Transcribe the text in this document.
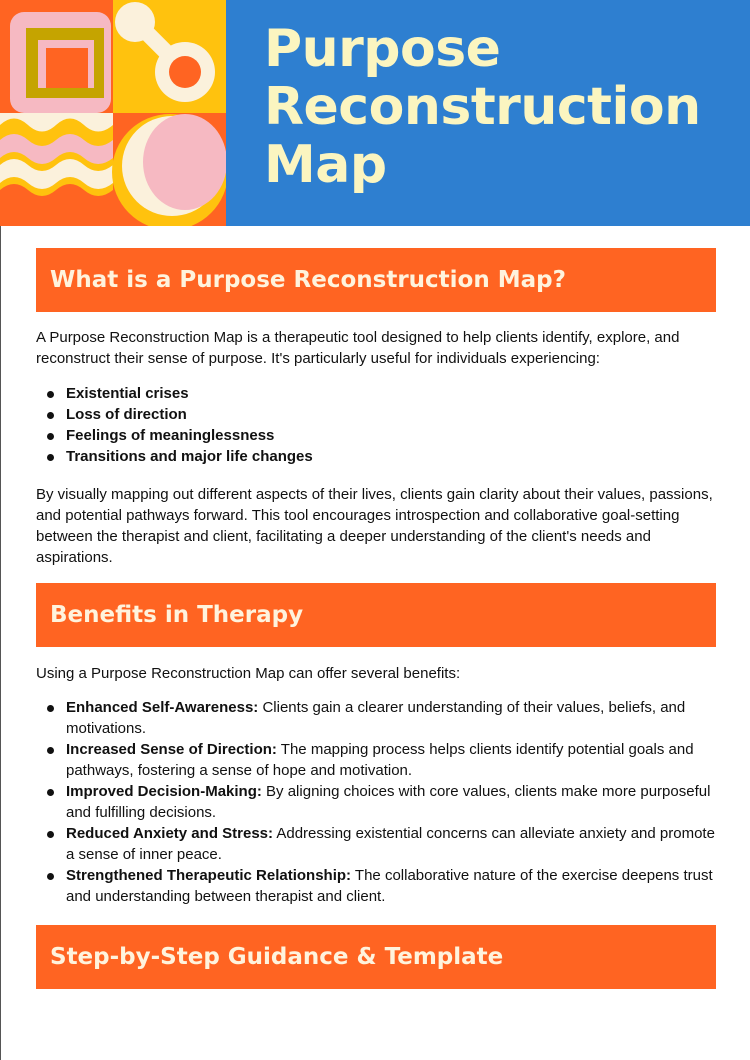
Purpose
Reconstruction
Map
What is a Purpose Reconstruction Map?

A Purpose Reconstruction Map is a therapeutic tool designed to help clients identify, explore, and reconstruct their sense of purpose. It's particularly useful for individuals experiencing:

Existential crises
Loss of direction
Feelings of meaninglessness
Transitions and major life changes

By visually mapping out different aspects of their lives, clients gain clarity about their values, passions, and potential pathways forward. This tool encourages introspection and collaborative goal-setting between the therapist and client, facilitating a deeper understanding of the client's needs and aspirations.

Benefits in Therapy

Using a Purpose Reconstruction Map can offer several benefits:

Enhanced Self-Awareness: Clients gain a clearer understanding of their values, beliefs, and motivations.
Increased Sense of Direction: The mapping process helps clients identify potential goals and pathways, fostering a sense of hope and motivation.
Improved Decision-Making: By aligning choices with core values, clients make more purposeful and fulfilling decisions.
Reduced Anxiety and Stress: Addressing existential concerns can alleviate anxiety and promote a sense of inner peace.
Strengthened Therapeutic Relationship: The collaborative nature of the exercise deepens trust and understanding between therapist and client.
Step-by-Step Guidance & Template
